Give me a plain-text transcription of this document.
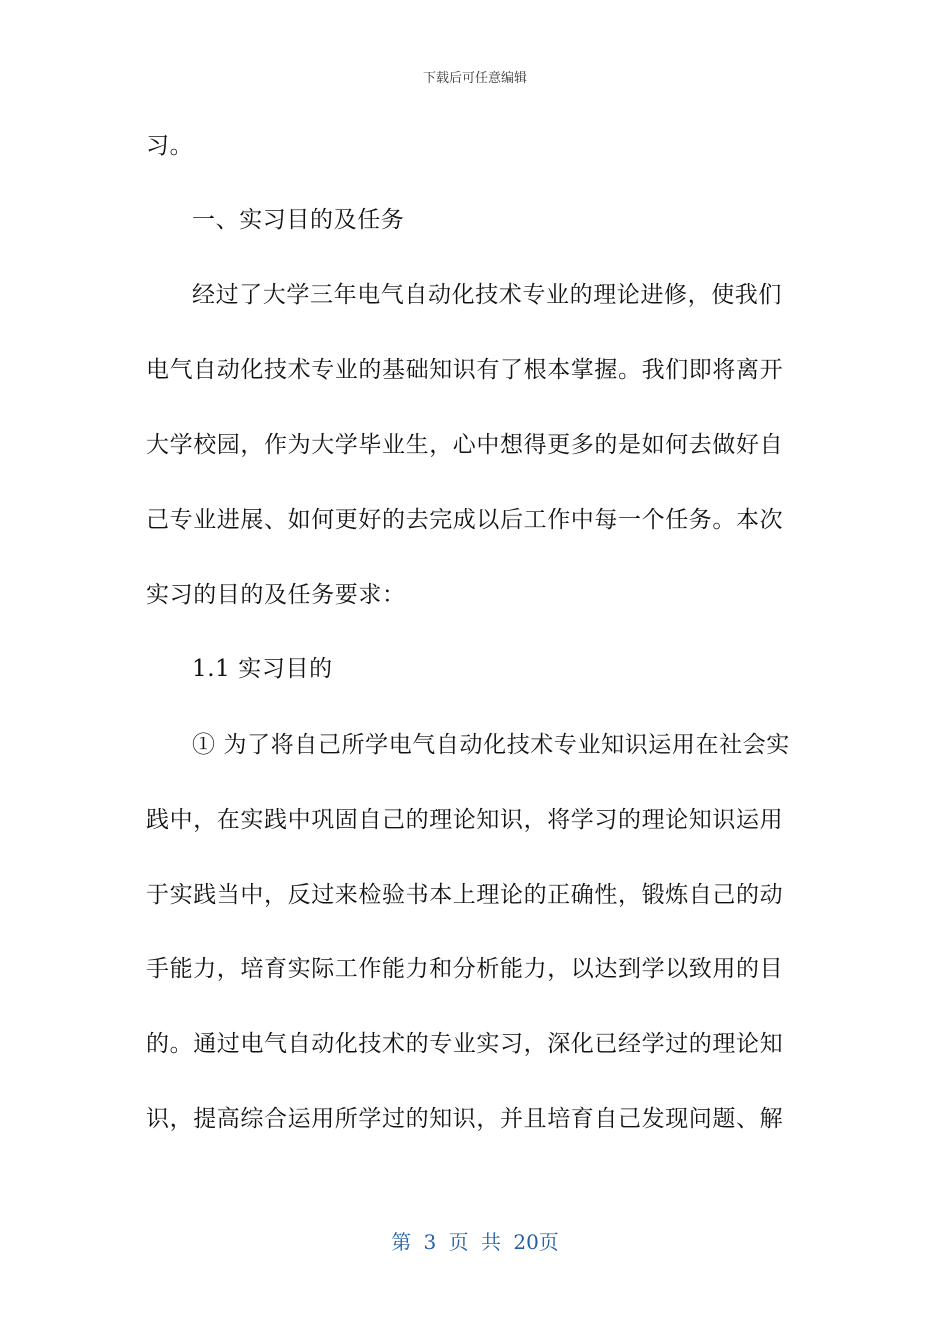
下载后可任意编辑
习。
一、实习目的及任务
经过了大学三年电气自动化技术专业的理论进修，使我们
电气自动化技术专业的基础知识有了根本掌握。我们即将离开
大学校园，作为大学毕业生，心中想得更多的是如何去做好自
己专业进展、如何更好的去完成以后工作中每一个任务。本次
实习的目的及任务要求：
1.1 实习目的
① 为了将自己所学电气自动化技术专业知识运用在社会实
践中，在实践中巩固自己的理论知识，将学习的理论知识运用
于实践当中，反过来检验书本上理论的正确性，锻炼自己的动
手能力，培育实际工作能力和分析能力，以达到学以致用的目
的。通过电气自动化技术的专业实习，深化已经学过的理论知
识，提高综合运用所学过的知识，并且培育自己发现问题、解
第 3 页 共 20页
